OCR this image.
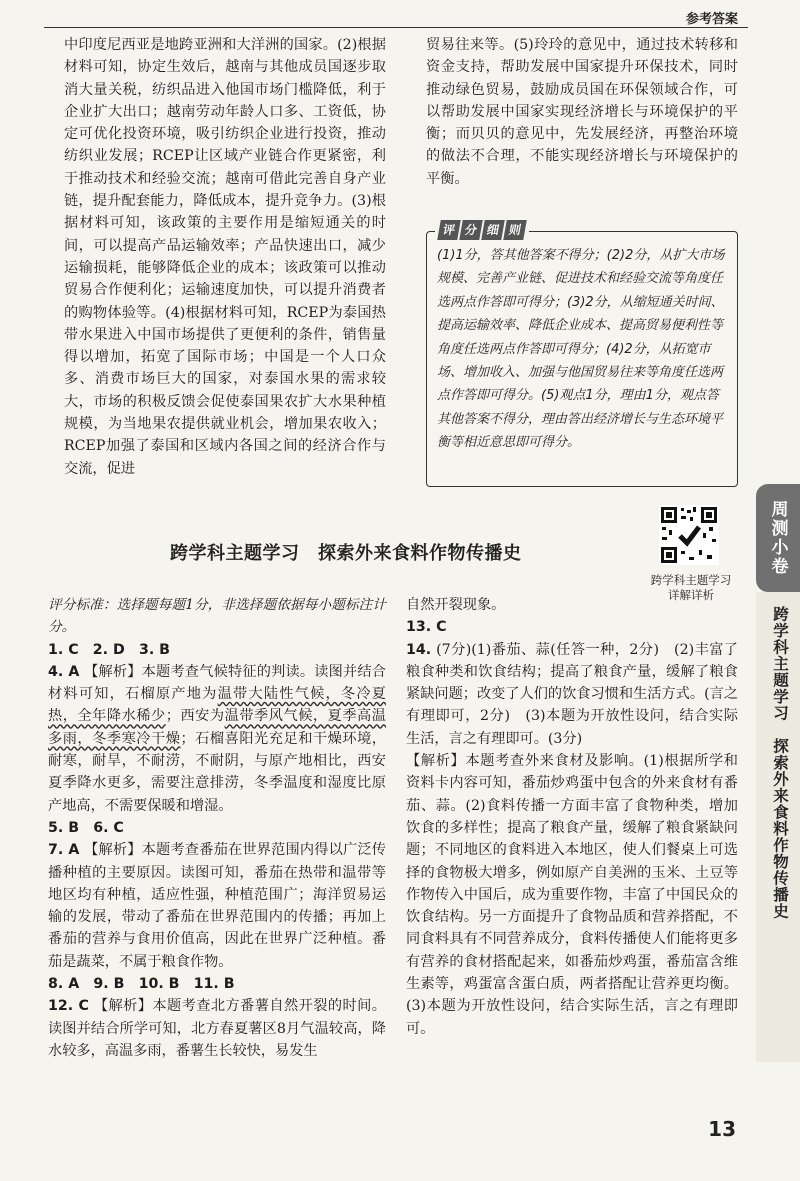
参考答案

中印度尼西亚是地跨亚洲和大洋洲的国家。(2)根据材料可知，协定生效后，越南与其他成员国逐步取消大量关税，纺织品进入他国市场门槛降低，利于企业扩大出口；越南劳动年龄人口多、工资低，协定可优化投资环境，吸引纺织企业进行投资，推动纺织业发展；RCEP让区域产业链合作更紧密，利于推动技术和经验交流；越南可借此完善自身产业链，提升配套能力，降低成本，提升竞争力。(3)根据材料可知，该政策的主要作用是缩短通关的时间，可以提高产品运输效率；产品快速出口，减少运输损耗，能够降低企业的成本；该政策可以推动贸易合作便利化；运输速度加快，可以提升消费者的购物体验等。(4)根据材料可知，RCEP为泰国热带水果进入中国市场提供了更便利的条件，销售量得以增加，拓宽了国际市场；中国是一个人口众多、消费市场巨大的国家，对泰国水果的需求较大，市场的积极反馈会促使泰国果农扩大水果种植规模，为当地果农提供就业机会，增加果农收入；RCEP加强了泰国和区域内各国之间的经济合作与交流，促进

贸易往来等。(5)玲玲的意见中，通过技术转移和资金支持，帮助发展中国家提升环保技术，同时推动绿色贸易，鼓励成员国在环保领域合作，可以帮助发展中国家实现经济增长与环境保护的平衡；而贝贝的意见中，先发展经济，再整治环境的做法不合理，不能实现经济增长与环境保护的平衡。

评 分 细 则
(1)1分，答其他答案不得分；(2)2分，从扩大市场规模、完善产业链、促进技术和经验交流等角度任选两点作答即可得分；(3)2分，从缩短通关时间、提高运输效率、降低企业成本、提高贸易便利性等角度任选两点作答即可得分；(4)2分，从拓宽市场、增加收入、加强与他国贸易往来等角度任选两点作答即可得分。(5)观点1分，理由1分，观点答其他答案不得分，理由答出经济增长与生态环境平衡等相近意思即可得分。
跨学科主题学习　探索外来食料作物传播史
跨学科主题学习
详解详析

评分标准：选择题每题1分，非选择题依据每小题标注计分。

1. C　2. D　3. B

4. A 【解析】本题考查气候特征的判读。读图并结合材料可知，石榴原产地为温带大陆性气候，冬冷夏热，全年降水稀少；西安为温带季风气候，夏季高温多雨，冬季寒冷干燥；石榴喜阳光充足和干燥环境，耐寒，耐旱，不耐涝，不耐阴，与原产地相比，西安夏季降水更多，需要注意排涝，冬季温度和湿度比原产地高，不需要保暖和增湿。

5. B　6. C

7. A 【解析】本题考查番茄在世界范围内得以广泛传播种植的主要原因。读图可知，番茄在热带和温带等地区均有种植，适应性强，种植范围广；海洋贸易运输的发展，带动了番茄在世界范围内的传播；再加上番茄的营养与食用价值高，因此在世界广泛种植。番茄是蔬菜，不属于粮食作物。

8. A　9. B　10. B　11. B

12. C 【解析】本题考查北方番薯自然开裂的时间。读图并结合所学可知，北方春夏薯区8月气温较高，降水较多，高温多雨，番薯生长较快，易发生

自然开裂现象。

13. C

14. (7分)(1)番茄、蒜(任答一种，2分)　(2)丰富了粮食种类和饮食结构；提高了粮食产量，缓解了粮食紧缺问题；改变了人们的饮食习惯和生活方式。(言之有理即可，2分)　(3)本题为开放性设问，结合实际生活，言之有理即可。(3分)

【解析】本题考查外来食材及影响。(1)根据所学和资料卡内容可知，番茄炒鸡蛋中包含的外来食材有番茄、蒜。(2)食料传播一方面丰富了食物种类，增加饮食的多样性；提高了粮食产量，缓解了粮食紧缺问题；不同地区的食料进入本地区，使人们餐桌上可选择的食物极大增多，例如原产自美洲的玉米、土豆等作物传入中国后，成为重要作物，丰富了中国民众的饮食结构。另一方面提升了食物品质和营养搭配，不同食料具有不同营养成分，食料传播使人们能将更多有营养的食材搭配起来，如番茄炒鸡蛋，番茄富含维生素等，鸡蛋富含蛋白质，两者搭配让营养更均衡。(3)本题为开放性设问，结合实际生活，言之有理即可。

周测小卷
跨学科主题学习　探索外来食料作物传播史
13
